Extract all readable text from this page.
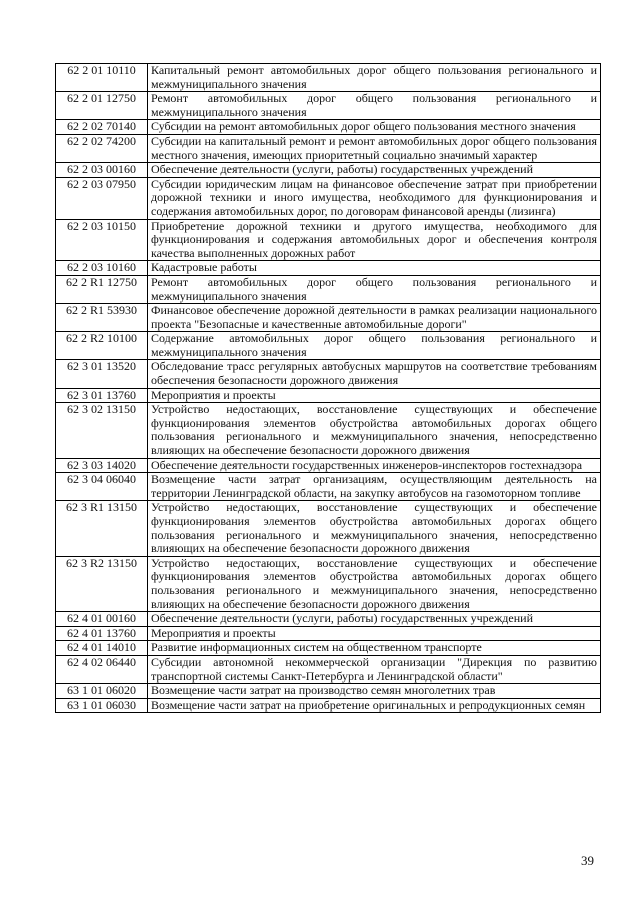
62 2 01 10110	Капитальный ремонт автомобильных дорог общего пользования регионального и межмуниципального значения
62 2 01 12750	Ремонт автомобильных дорог общего пользования регионального и межмуниципального значения
62 2 02 70140	Субсидии на ремонт автомобильных дорог общего пользования местного значения
62 2 02 74200	Субсидии на капитальный ремонт и ремонт автомобильных дорог общего пользования местного значения, имеющих приоритетный социально значимый характер
62 2 03 00160	Обеспечение деятельности (услуги, работы) государственных учреждений
62 2 03 07950	Субсидии юридическим лицам на финансовое обеспечение затрат при приобретении дорожной техники и иного имущества, необходимого для функционирования и содержания автомобильных дорог, по договорам финансовой аренды (лизинга)
62 2 03 10150	Приобретение дорожной техники и другого имущества, необходимого для функционирования и содержания автомобильных дорог и обеспечения контроля качества выполненных дорожных работ
62 2 03 10160	Кадастровые работы
62 2 R1 12750	Ремонт автомобильных дорог общего пользования регионального и межмуниципального значения
62 2 R1 53930	Финансовое обеспечение дорожной деятельности в рамках реализации национального проекта "Безопасные и качественные автомобильные дороги"
62 2 R2 10100	Содержание автомобильных дорог общего пользования регионального и межмуниципального значения
62 3 01 13520	Обследование трасс регулярных автобусных маршрутов на соответствие требованиям обеспечения безопасности дорожного движения
62 3 01 13760	Мероприятия и проекты
62 3 02 13150	Устройство недостающих, восстановление существующих и обеспечение функционирования элементов обустройства автомобильных дорогах общего пользования регионального и межмуниципального значения, непосредственно влияющих на обеспечение безопасности дорожного движения
62 3 03 14020	Обеспечение деятельности государственных инженеров-инспекторов гостехнадзора
62 3 04 06040	Возмещение части затрат организациям, осуществляющим деятельность на территории Ленинградской области, на закупку автобусов на газомоторном топливе
62 3 R1 13150	Устройство недостающих, восстановление существующих и обеспечение функционирования элементов обустройства автомобильных дорогах общего пользования регионального и межмуниципального значения, непосредственно влияющих на обеспечение безопасности дорожного движения
62 3 R2 13150	Устройство недостающих, восстановление существующих и обеспечение функционирования элементов обустройства автомобильных дорогах общего пользования регионального и межмуниципального значения, непосредственно влияющих на обеспечение безопасности дорожного движения
62 4 01 00160	Обеспечение деятельности (услуги, работы) государственных учреждений
62 4 01 13760	Мероприятия и проекты
62 4 01 14010	Развитие информационных систем на общественном транспорте
62 4 02 06440	Субсидии автономной некоммерческой организации "Дирекция по развитию транспортной системы Санкт-Петербурга и Ленинградской области"
63 1 01 06020	Возмещение части затрат на производство семян многолетних трав
63 1 01 06030	Возмещение части затрат на приобретение оригинальных и репродукционных семян
39
